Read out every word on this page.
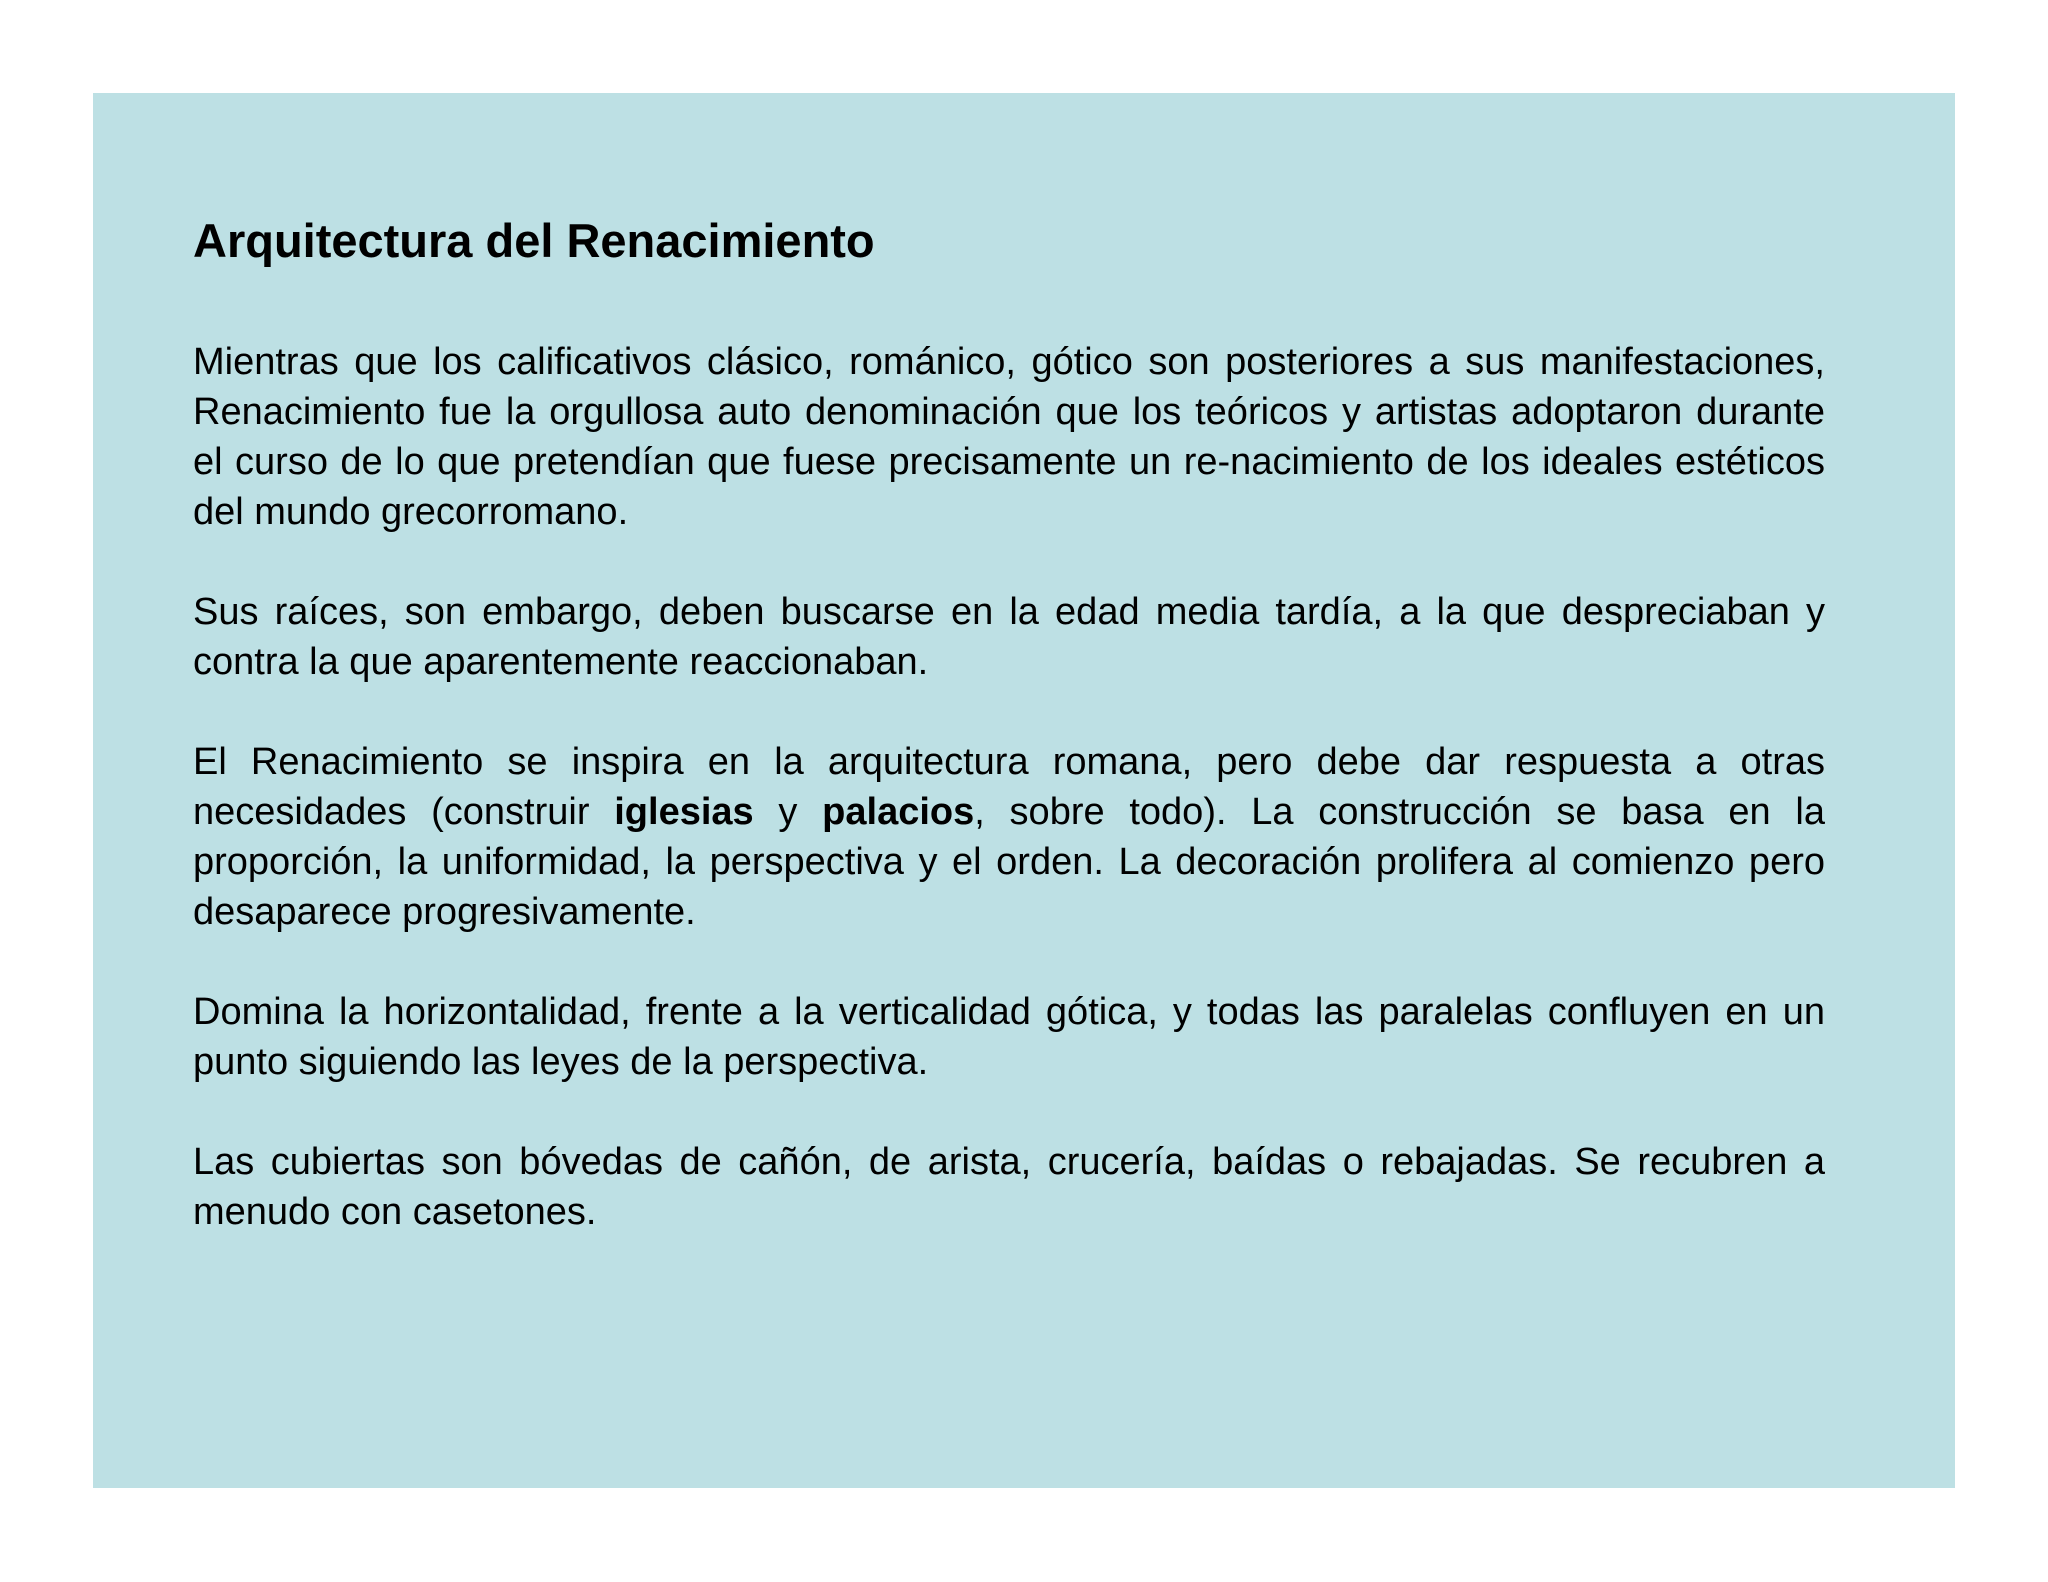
Arquitectura del Renacimiento

Mientras que los calificativos clásico, románico, gótico son posteriores a sus manifestaciones, Renacimiento fue la orgullosa auto denominación que los teóricos y artistas adoptaron durante el curso de lo que pretendían que fuese precisamente un re-nacimiento de los ideales estéticos del mundo grecorromano.

Sus raíces, son embargo, deben buscarse en la edad media tardía, a la que despreciaban y contra la que aparentemente reaccionaban.

El Renacimiento se inspira en la arquitectura romana, pero debe dar respuesta a otras necesidades (construir iglesias y palacios, sobre todo). La construcción se basa en la proporción, la uniformidad, la perspectiva y el orden. La decoración prolifera al comienzo pero desaparece progresivamente.

Domina la horizontalidad, frente a la verticalidad gótica, y todas las paralelas confluyen en un punto siguiendo las leyes de la perspectiva.

Las cubiertas son bóvedas de cañón, de arista, crucería, baídas o rebajadas. Se recubren a menudo con casetones.
